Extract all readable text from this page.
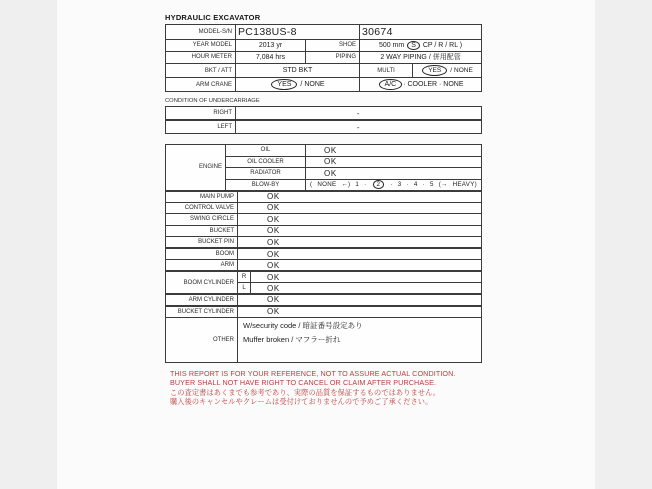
HYDRAULIC EXCAVATOR
MODEL-S/N	PC138US-8		30674	
YEAR MODEL	2013 yr	SHOE	500 mm S CP / R / RL )	
HOUR METER	7,084 hrs	PIPING	2 WAY PIPING / 併用配管	
BKT / ATT	STD BKT		MULTI	YES / NONE
ARM CRANE	YES / NONE		A/C · COOLER · NONE	
CONDITION OF UNDERCARRIAGE
RIGHT	-
LEFT	-
ENGINE	OIL			OK
	OIL COOLER			OK
	RADIATOR			OK
	BLOW-BY			( NONE ←) 1 · 2 · 3 · 4 · 5 (→ HEAVY)
MAIN PUMP		OK		
CONTROL VALVE		OK		
SWING CIRCLE		OK		
BUCKET		OK		
BUCKET PIN		OK		
BOOM		OK		
ARM		OK		
BOOM CYLINDER		R	OK	
		L	OK	
ARM CYLINDER		OK		
BUCKET CYLINDER		OK		
OTHER		W/security code / 暗証番号設定あり
Muffer broken / マフラー折れ		
THIS REPORT IS FOR YOUR REFERENCE, NOT TO ASSURE ACTUAL CONDITION.
BUYER SHALL NOT HAVE RIGHT TO CANCEL OR CLAIM AFTER PURCHASE.
この査定書はあくまでも参考であり、実際の品質を保証するものではありません。
購入後のキャンセルやクレームは受付けておりませんので予めご了承ください。
